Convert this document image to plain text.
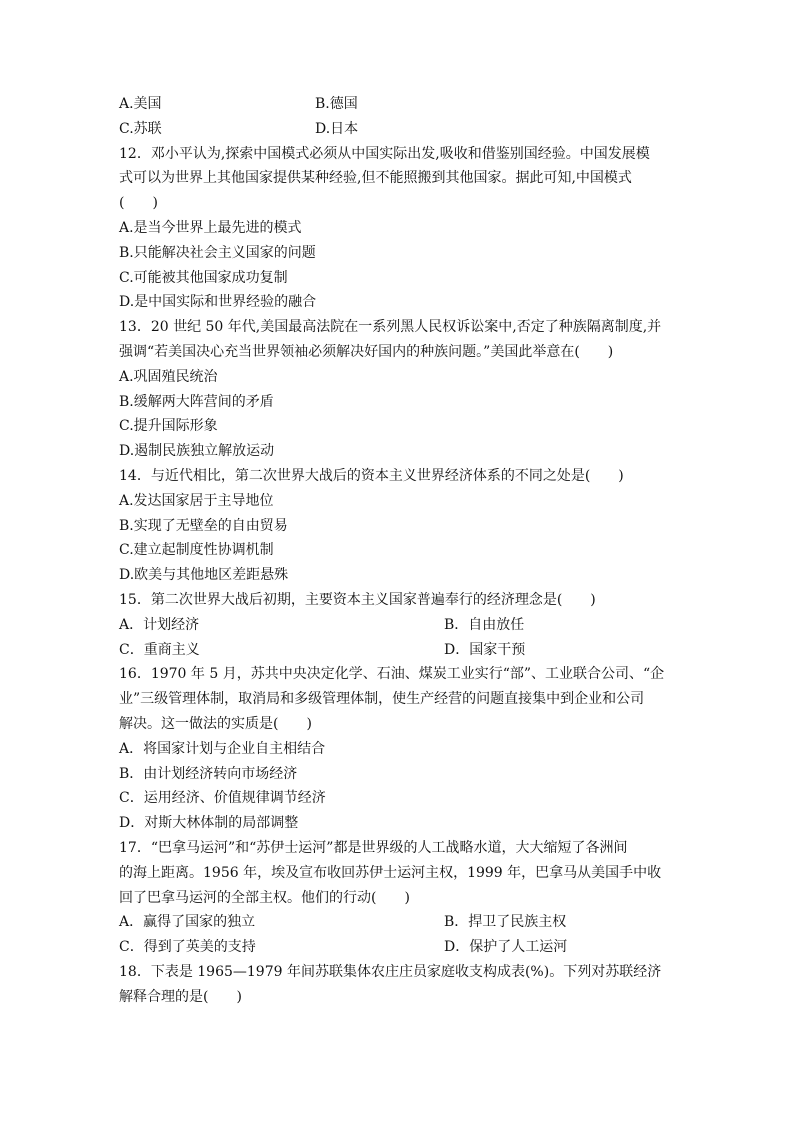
A.美国	B.德国
C.苏联	D.日本
12．邓小平认为,探索中国模式必须从中国实际出发,吸收和借鉴别国经验。中国发展模
式可以为世界上其他国家提供某种经验,但不能照搬到其他国家。据此可知,中国模式
(　　)
A.是当今世界上最先进的模式
B.只能解决社会主义国家的问题
C.可能被其他国家成功复制
D.是中国实际和世界经验的融合
13．20 世纪 50 年代,美国最高法院在一系列黑人民权诉讼案中,否定了种族隔离制度,并
强调“若美国决心充当世界领袖必须解决好国内的种族问题。”美国此举意在(　　)
A.巩固殖民统治
B.缓解两大阵营间的矛盾
C.提升国际形象
D.遏制民族独立解放运动
14．与近代相比，第二次世界大战后的资本主义世界经济体系的不同之处是(　　)
A.发达国家居于主导地位
B.实现了无壁垒的自由贸易
C.建立起制度性协调机制
D.欧美与其他地区差距悬殊
15．第二次世界大战后初期，主要资本主义国家普遍奉行的经济理念是(　　)
A．计划经济	B．自由放任
C．重商主义	D．国家干预
16．1970 年 5 月，苏共中央决定化学、石油、煤炭工业实行“部”、工业联合公司、“企
业”三级管理体制，取消局和多级管理体制，使生产经营的问题直接集中到企业和公司
解决。这一做法的实质是(　　)
A．将国家计划与企业自主相结合
B．由计划经济转向市场经济
C．运用经济、价值规律调节经济
D．对斯大林体制的局部调整
17．“巴拿马运河”和“苏伊士运河”都是世界级的人工战略水道，大大缩短了各洲间
的海上距离。1956 年，埃及宣布收回苏伊士运河主权，1999 年，巴拿马从美国手中收
回了巴拿马运河的全部主权。他们的行动(　　)
A．赢得了国家的独立	B．捍卫了民族主权
C．得到了英美的支持	D．保护了人工运河
18．下表是 1965—1979 年间苏联集体农庄庄员家庭收支构成表(%)。下列对苏联经济
解释合理的是(　　)
